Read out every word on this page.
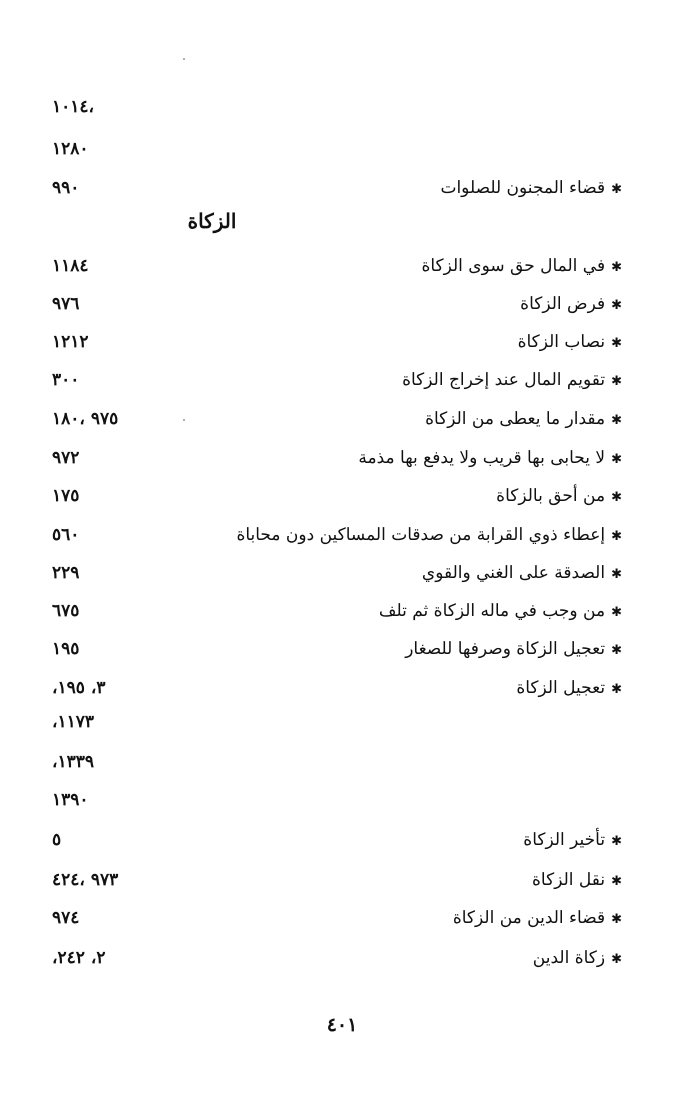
،١٠١٤
١٢٨٠
✱قضاء المجنون للصلوات
٩٩٠
الزكاة
✱في المال حق سوى الزكاة
١١٨٤
✱فرض الزكاة
٩٧٦
✱نصاب الزكاة
١٢١٢
✱تقويم المال عند إخراج الزكاة
٣٠٠
✱مقدار ما يعطى من الزكاة
٩٧٥ ،١٨٠
✱لا يحابى بها قريب ولا يدفع بها مذمة
٩٧٢
✱من أحق بالزكاة
١٧٥
✱إعطاء ذوي القرابة من صدقات المساكين دون محاباة
٥٦٠
✱الصدقة على الغني والقوي
٢٢٩
✱من وجب في ماله الزكاة ثم تلف
٦٧٥
✱تعجيل الزكاة وصرفها للصغار
١٩٥
✱تعجيل الزكاة
٣، ١٩٥،
١١٧٣،
١٣٣٩،
١٣٩٠
✱تأخير الزكاة
٥
✱نقل الزكاة
٩٧٣ ،٤٢٤
✱قضاء الدين من الزكاة
٩٧٤
✱زكاة الدين
٢، ٢٤٢،
٤٠١
